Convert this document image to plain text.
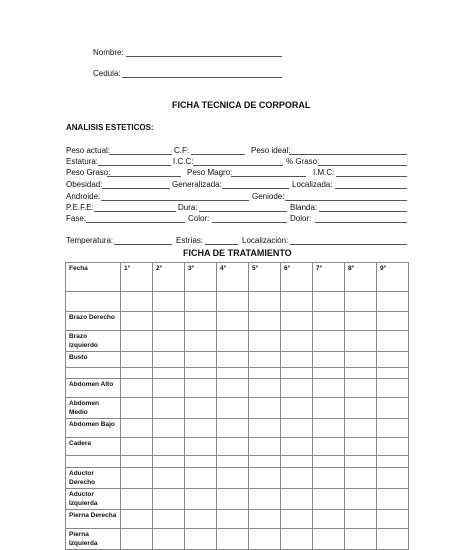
Nombre:
Cedula:
FICHA TECNICA DE CORPORAL
ANALISIS ESTETICOS:
Peso actual:	C.F:	Peso ideal:
Estatura:	I.C.C:	% Graso:
Peso Graso:	Peso Magro:	I.M.C:
Obesidad:	Generalizada:	Localizada:
Androide:	Geniode:
P.E.F.E:	Dura:	Blanda:
Fase:	Color:	Dolor:
Temperatura:	Estrías:	Localización:
FICHA DE TRATAMIENTO
Fecha	1°	2°	3°	4°	5°	6°	7°	8°	9°

Brazo Derecho									
Brazo Izquierdo									
Busto									

Abdomen Alto									
Abdomen Medio									
Abdomen Bajo									
Cadera									

Aductor Derecho									
Aductor Izquierda									
Pierna Derecha									
Pierna Izquierda									
